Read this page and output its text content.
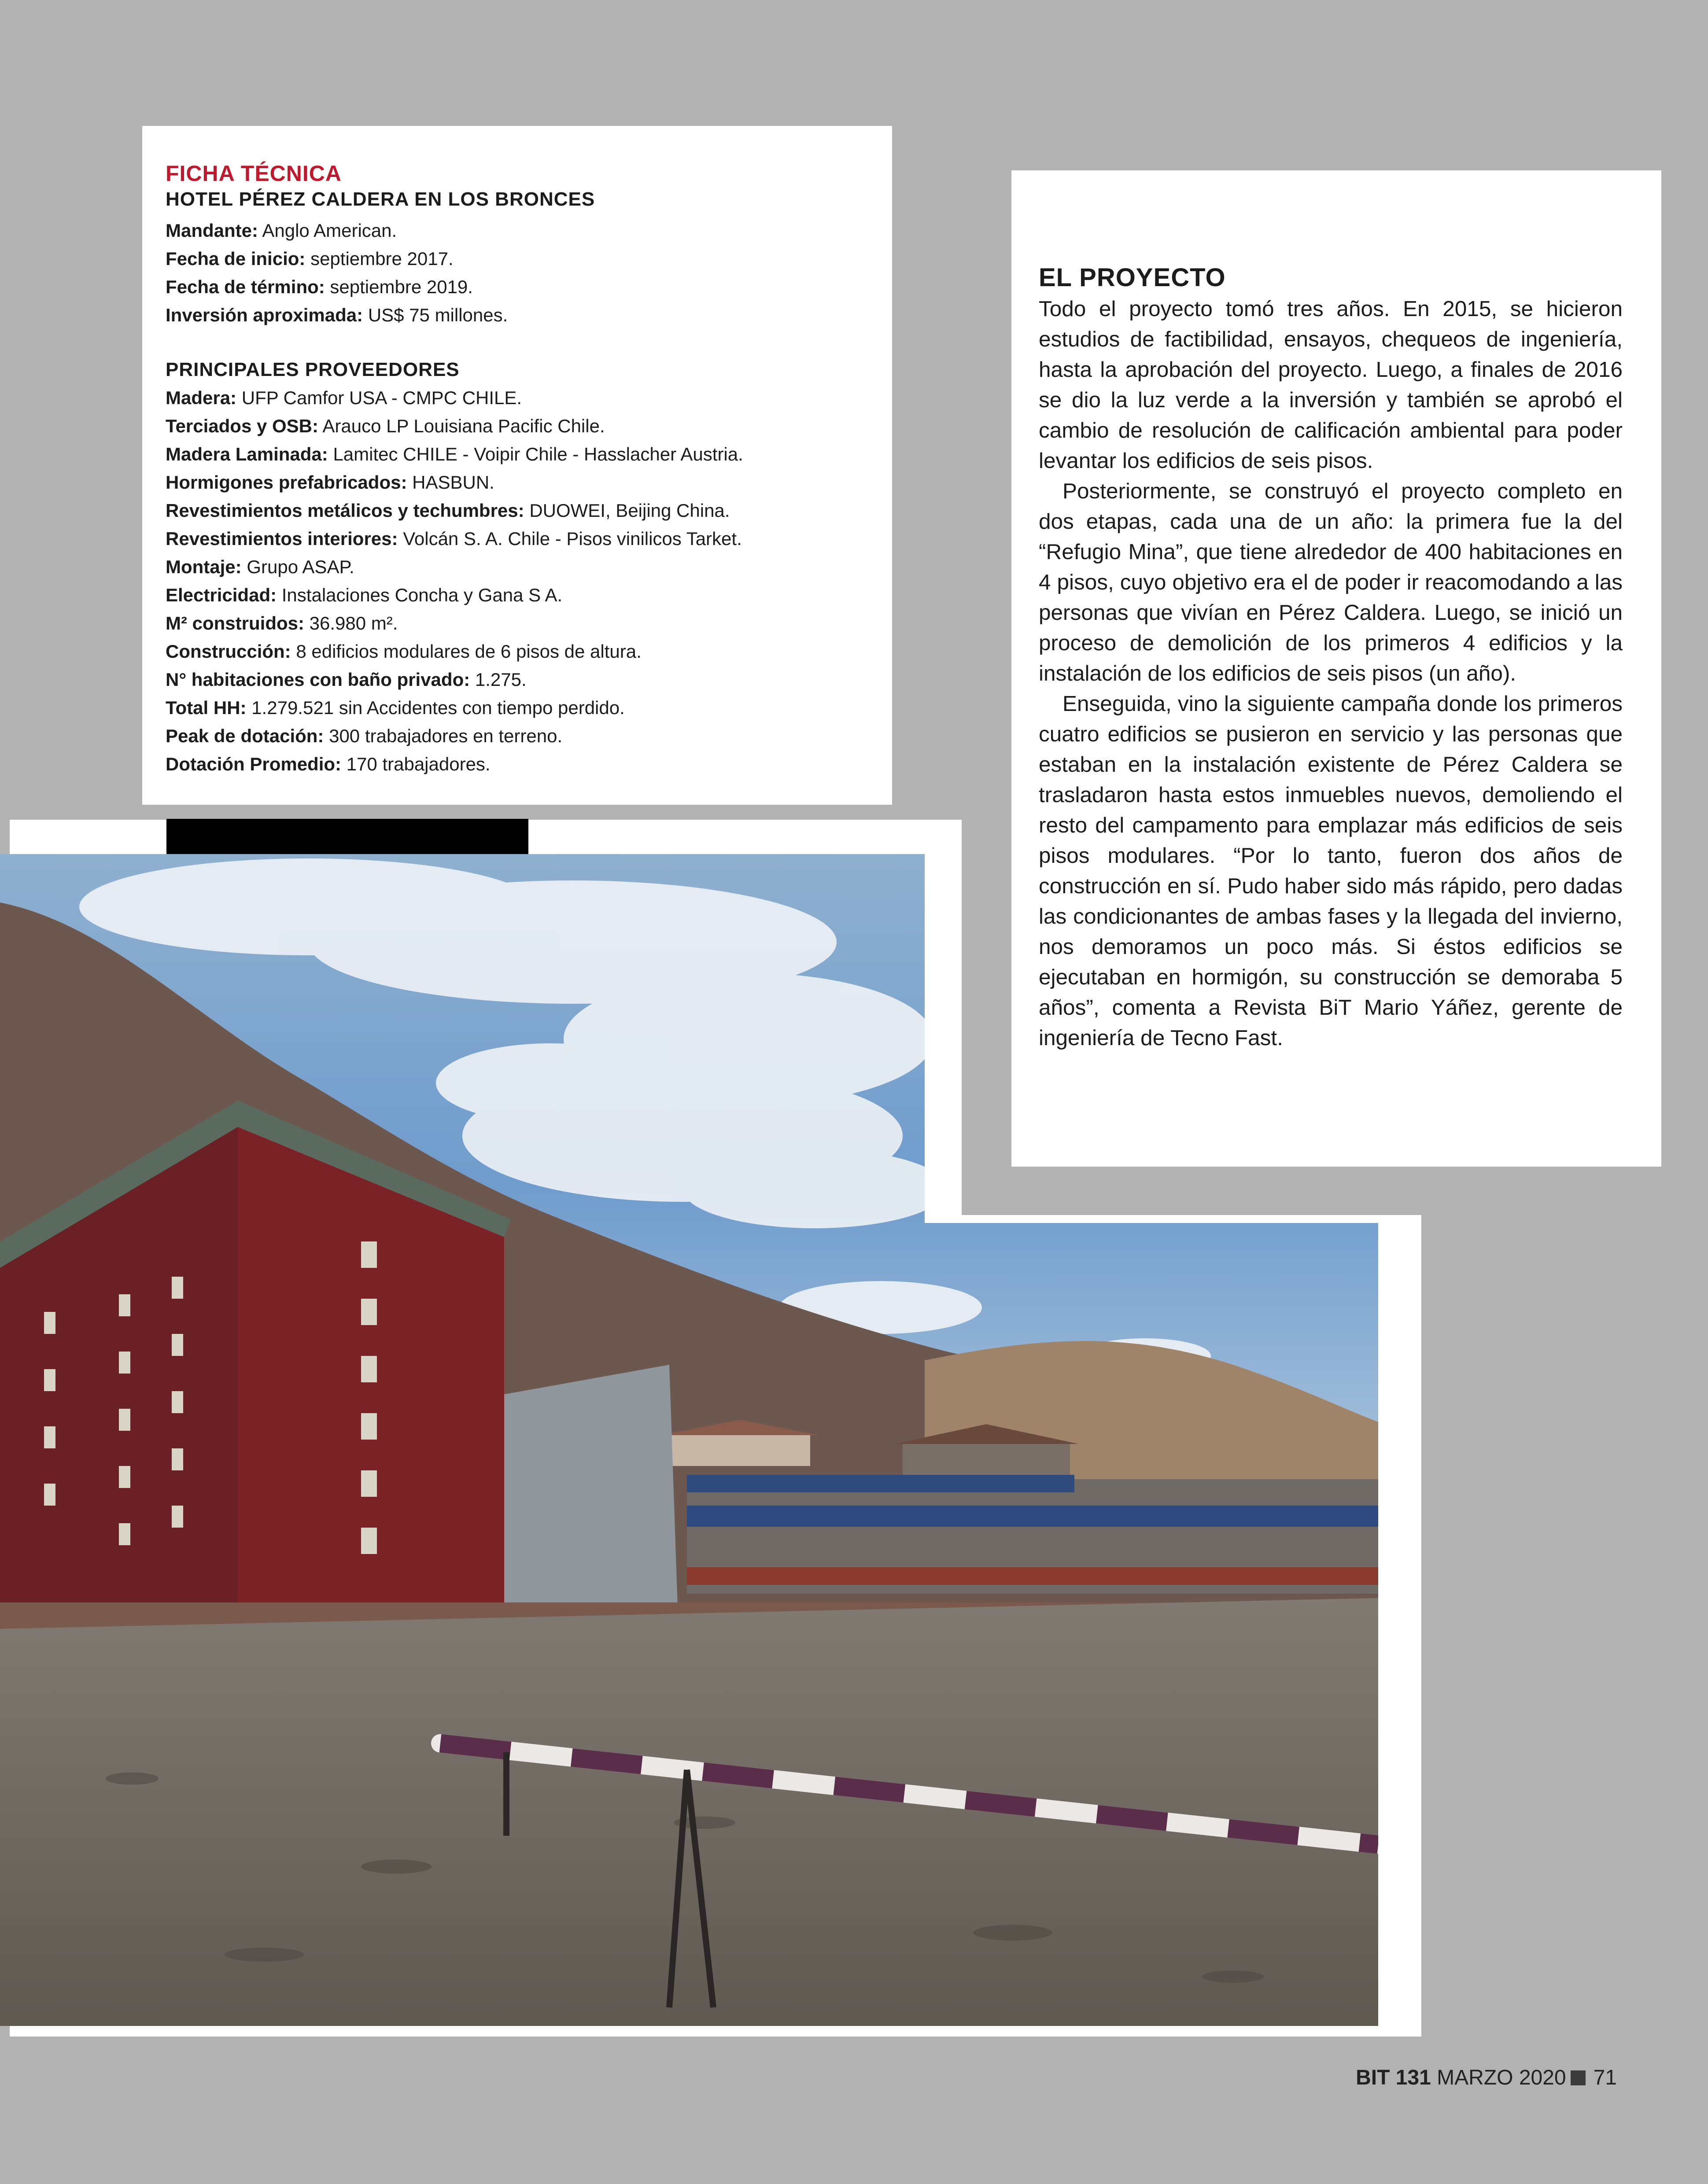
FICHA TÉCNICA
HOTEL PÉREZ CALDERA EN LOS BRONCES
Mandante: Anglo American.
Fecha de inicio: septiembre 2017.
Fecha de término: septiembre 2019.
Inversión aproximada: US$ 75 millones.
PRINCIPALES PROVEEDORES
Madera: UFP Camfor USA - CMPC CHILE.
Terciados y OSB: Arauco LP Louisiana Pacific Chile.
Madera Laminada: Lamitec CHILE - Voipir Chile - Hasslacher Austria.
Hormigones prefabricados: HASBUN.
Revestimientos metálicos y techumbres: DUOWEI, Beijing China.
Revestimientos interiores: Volcán S. A. Chile - Pisos vinilicos Tarket.
Montaje: Grupo ASAP.
Electricidad: Instalaciones Concha y Gana S A.
M² construidos: 36.980 m².
Construcción: 8 edificios modulares de 6 pisos de altura.
N° habitaciones con baño privado: 1.275.
Total HH: 1.279.521 sin Accidentes con tiempo perdido.
Peak de dotación: 300 trabajadores en terreno.
Dotación Promedio: 170 trabajadores.
EL PROYECTO

Todo el proyecto tomó tres años. En 2015, se hicieron estudios de factibilidad, ensayos, chequeos de ingeniería, hasta la aprobación del proyecto. Luego, a finales de 2016 se dio la luz verde a la inversión y también se aprobó el cambio de resolución de calificación ambiental para poder levantar los edificios de seis pisos.

Posteriormente, se construyó el proyecto completo en dos etapas, cada una de un año: la primera fue la del “Refugio Mina”, que tiene alrededor de 400 habitaciones en 4 pisos, cuyo objetivo era el de poder ir reacomodando a las personas que vivían en Pérez Caldera. Luego, se inició un proceso de demolición de los primeros 4 edificios y la instalación de los edificios de seis pisos (un año).

Enseguida, vino la siguiente campaña donde los primeros cuatro edificios se pusieron en servicio y las personas que estaban en la instalación existente de Pérez Caldera se trasladaron hasta estos inmuebles nuevos, demoliendo el resto del campamento para emplazar más edificios de seis pisos modulares. “Por lo tanto, fueron dos años de construcción en sí. Pudo haber sido más rápido, pero dadas las condicionantes de ambas fases y la llegada del invierno, nos demoramos un poco más. Si éstos edificios se ejecutaban en hormigón, su construcción se demoraba 5 años”, comenta a Revista BiT Mario Yáñez, gerente de ingeniería de Tecno Fast.

BIT 131 MARZO 2020 71
